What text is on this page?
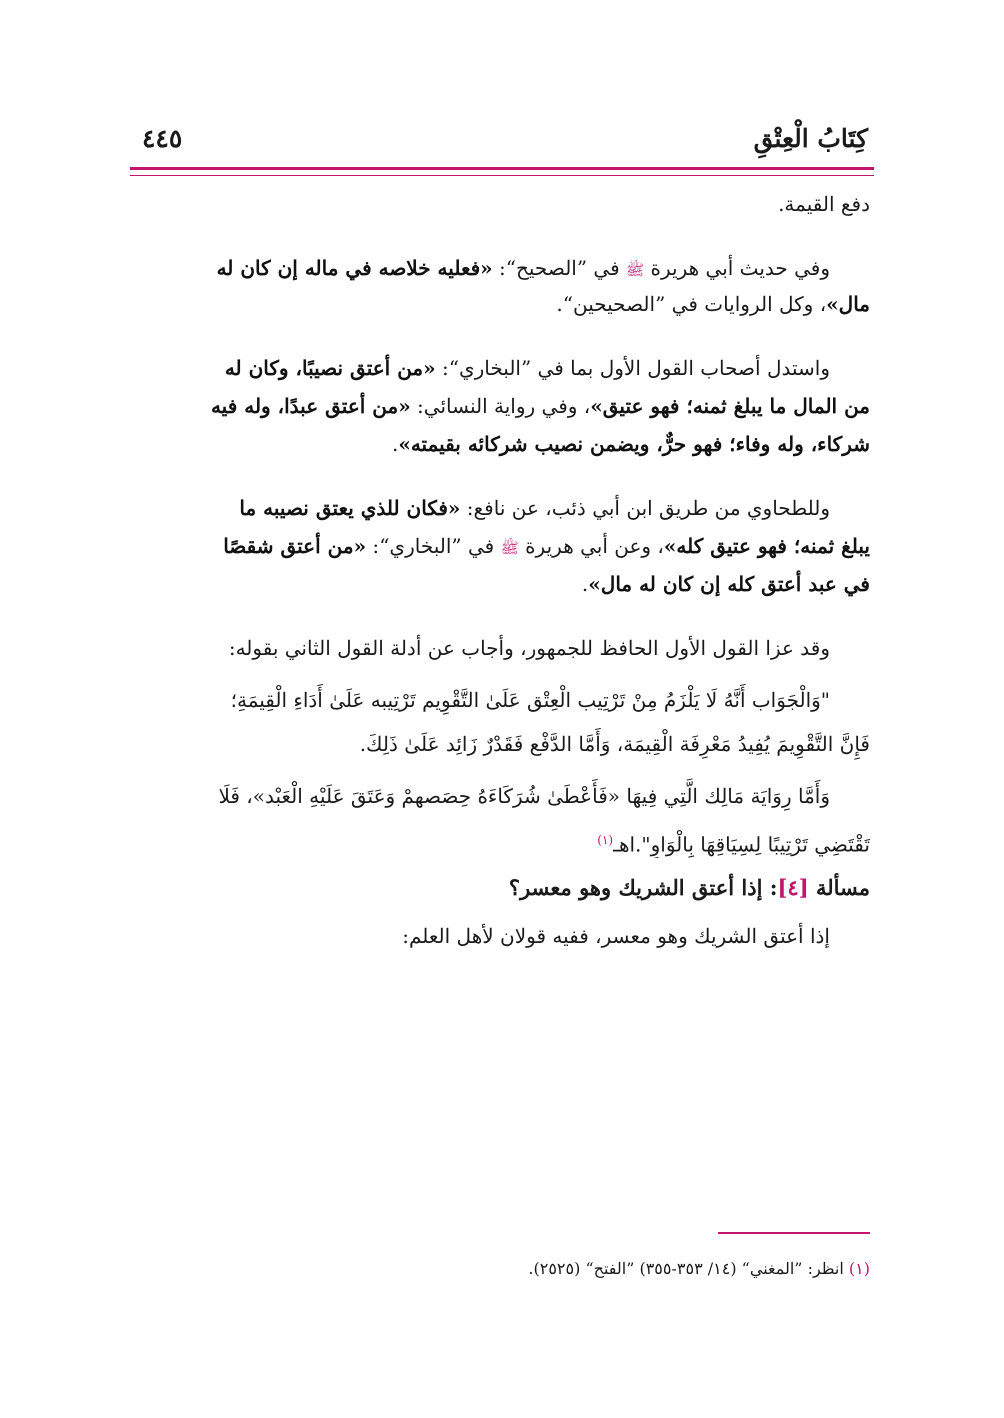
كِتَابُ الْعِتْقِ
٤٤٥
دفع القيمة.
وفي حديث أبي هريرة ﷺ في ”الصحيح“: «فعليه خلاصه في ماله إن كان له
مال»، وكل الروايات في ”الصحيحين“.
واستدل أصحاب القول الأول بما في ”البخاري“: «من أعتق نصيبًا، وكان له
من المال ما يبلغ ثمنه؛ فهو عتيق»، وفي رواية النسائي: «من أعتق عبدًا، وله فيه
شركاء، وله وفاء؛ فهو حرٌّ، ويضمن نصيب شركائه بقيمته».
وللطحاوي من طريق ابن أبي ذئب، عن نافع: «فكان للذي يعتق نصيبه ما
يبلغ ثمنه؛ فهو عتيق كله»، وعن أبي هريرة ﷺ في ”البخاري“: «من أعتق شقصًا
في عبد أعتق كله إن كان له مال».
وقد عزا القول الأول الحافظ للجمهور، وأجاب عن أدلة القول الثاني بقوله:
"وَالْجَوَاب أَنَّهُ لَا يَلْزَمُ مِنْ تَرْتِيب الْعِتْق عَلَىٰ التَّقْوِيم تَرْتِيبه عَلَىٰ أَدَاءِ الْقِيمَةِ؛
فَإِنَّ التَّقْوِيمَ يُفِيدُ مَعْرِفَة الْقِيمَة، وَأَمَّا الدَّفْع فَقَدْرٌ زَائِد عَلَىٰ ذَلِكَ.
وَأَمَّا رِوَايَة مَالِك الَّتِي فِيهَا «فَأَعْطَىٰ شُرَكَاءَهُ حِصَصهمْ وَعَتَقَ عَلَيْهِ الْعَبْد»، فَلَا
تَقْتَضِي تَرْتِيبًا لِسِيَاقِهَا بِالْوَاوِ".اهـ$^{(١)}$
مسألة [٤]: إذا أعتق الشريك وهو معسر؟
إذا أعتق الشريك وهو معسر، ففيه قولان لأهل العلم:
(١) انظر: ”المغني“ (١٤/ ٣٥٣-٣٥٥) ”الفتح“ (٢٥٢٥).
